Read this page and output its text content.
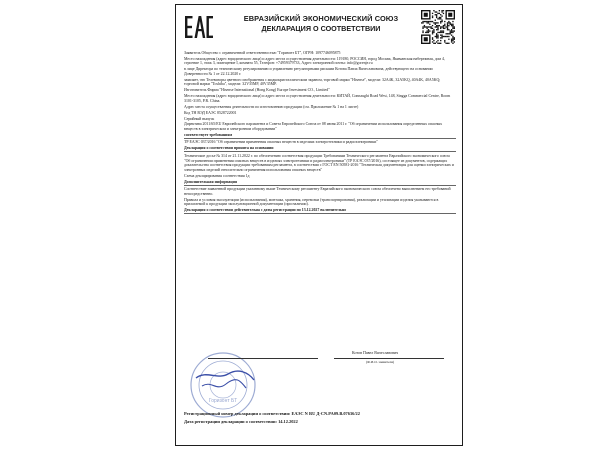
ЕВРАЗИЙСКИЙ ЭКОНОМИЧЕСКИЙ СОЮЗ
ДЕКЛАРАЦИЯ О СООТВЕТСТВИИ

Заявитель Общество с ограниченной ответственностью "Горизонт БТ", ОГРН: 1097746095875

Место нахождения (адрес юридического лица) и адрес места осуществления деятельности: 119180, РОССИЯ, город Москва, Якиманская набережная, дом 4, строение 1, этаж 3, помещение I, комната 55, Телефон: +74959379733, Адрес электронной почты: info@gorenje.ru

в лице Директора по техническому регулированию и управлению регуляторными рисками Котова Павла Вячеславовича, действующего на основании Доверенности № 1 от 22.12.2020 г.

заявляет, что Телевизоры цветного изображения с жидкокристаллическим экраном, торговой марки "Hisense", модели: 32A4K, 32A5KQ, 40A4K, 40A5KQ; торговой марки "Toshiba", модели: 32V35MP, 40V35MP.

Изготовитель Фирма "Hisense International (Hong Kong) Europe Investment CO., Limited"

Место нахождения (адрес юридического лица) и адрес места осуществления деятельности: КИТАЙ, Connaught Road West, 148, Singga Commercial Centre, Room 3101-3105, P.R. China.

Адрес места осуществления деятельности по изготовлению продукции (см. Приложение № 1 на 1 листе)

Код ТН ВЭД ЕАЭС 8528722001

Серийный выпуск

Директива 2011/65/ЕU Европейского парламента и Совета Европейского Союза от 08 июня 2011 г. "Об ограничении использования определенных опасных веществ в электрическом и электронном оборудовании"

соответствует требованиям

ТР ЕАЭС 037/2016 "Об ограничении применения опасных веществ в изделиях электротехники и радиоэлектроники"

Декларация о соответствии принята на основании

Технические досье № 314 от 21.11.2022 г. по обеспечению соответствия продукции Требованиям Технического регламента Евразийского экономического союза "Об ограничении применения опасных веществ в изделиях электротехники и радиоэлектроники" (ТР ЕАЭС 037/2016), состоящее из документов, содержащих доказательства соответствия продукции требованиям регламента, в соответствии с ГОСТ EN 50581-2016 "Техническая документация для оценки электрических и электронных изделий относительно ограничения использования опасных веществ"

Схема декларирования соответствия 1д

Дополнительная информация

Соответствие заявленной продукции указанному выше Техническому регламенту Евразийского экономического союза обеспечено выполнением его требований непосредственно.

Правила и условия эксплуатации (использования), монтажа, хранения, перевозки (транспортирования), реализации и утилизации изделия указываются в прилагаемой к продукции эксплуатационной документации (при наличии).

Декларация о соответствии действительна с даты регистрации по 13.12.2027 включительно

Горизонт БТ
Котов Павел Вячеславович
(Ф.И.О. заявителя)
Регистрационный номер декларации о соответствии: ЕАЭС N RU Д-CN.PA09.B.07636/22
Дата регистрации декларации о соответствии: 14.12.2022
